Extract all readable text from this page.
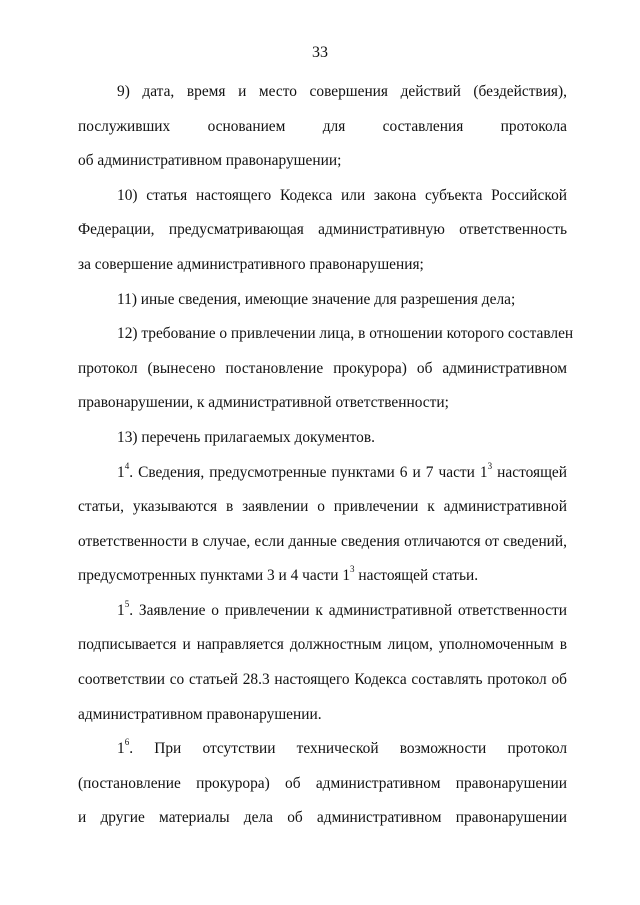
33
9) дата, время и место совершения действий (бездействия),
послуживших основанием для составления протокола
об административном правонарушении;
10) статья настоящего Кодекса или закона субъекта Российской
Федерации, предусматривающая административную ответственность
за совершение административного правонарушения;
11) иные сведения, имеющие значение для разрешения дела;
12) требование о привлечении лица, в отношении которого составлен
протокол (вынесено постановление прокурора) об административном
правонарушении, к административной ответственности;
13) перечень прилагаемых документов.
$1^4$. Сведения, предусмотренные пунктами 6 и 7 части $1^3$ настоящей
статьи, указываются в заявлении о привлечении к административной
ответственности в случае, если данные сведения отличаются от сведений,
предусмотренных пунктами 3 и 4 части $1^3$ настоящей статьи.
$1^5$. Заявление о привлечении к административной ответственности
подписывается и направляется должностным лицом, уполномоченным в
соответствии со статьей 28.3 настоящего Кодекса составлять протокол об
административном правонарушении.
$1^6$. При отсутствии технической возможности протокол
(постановление прокурора) об административном правонарушении
и другие материалы дела об административном правонарушении
